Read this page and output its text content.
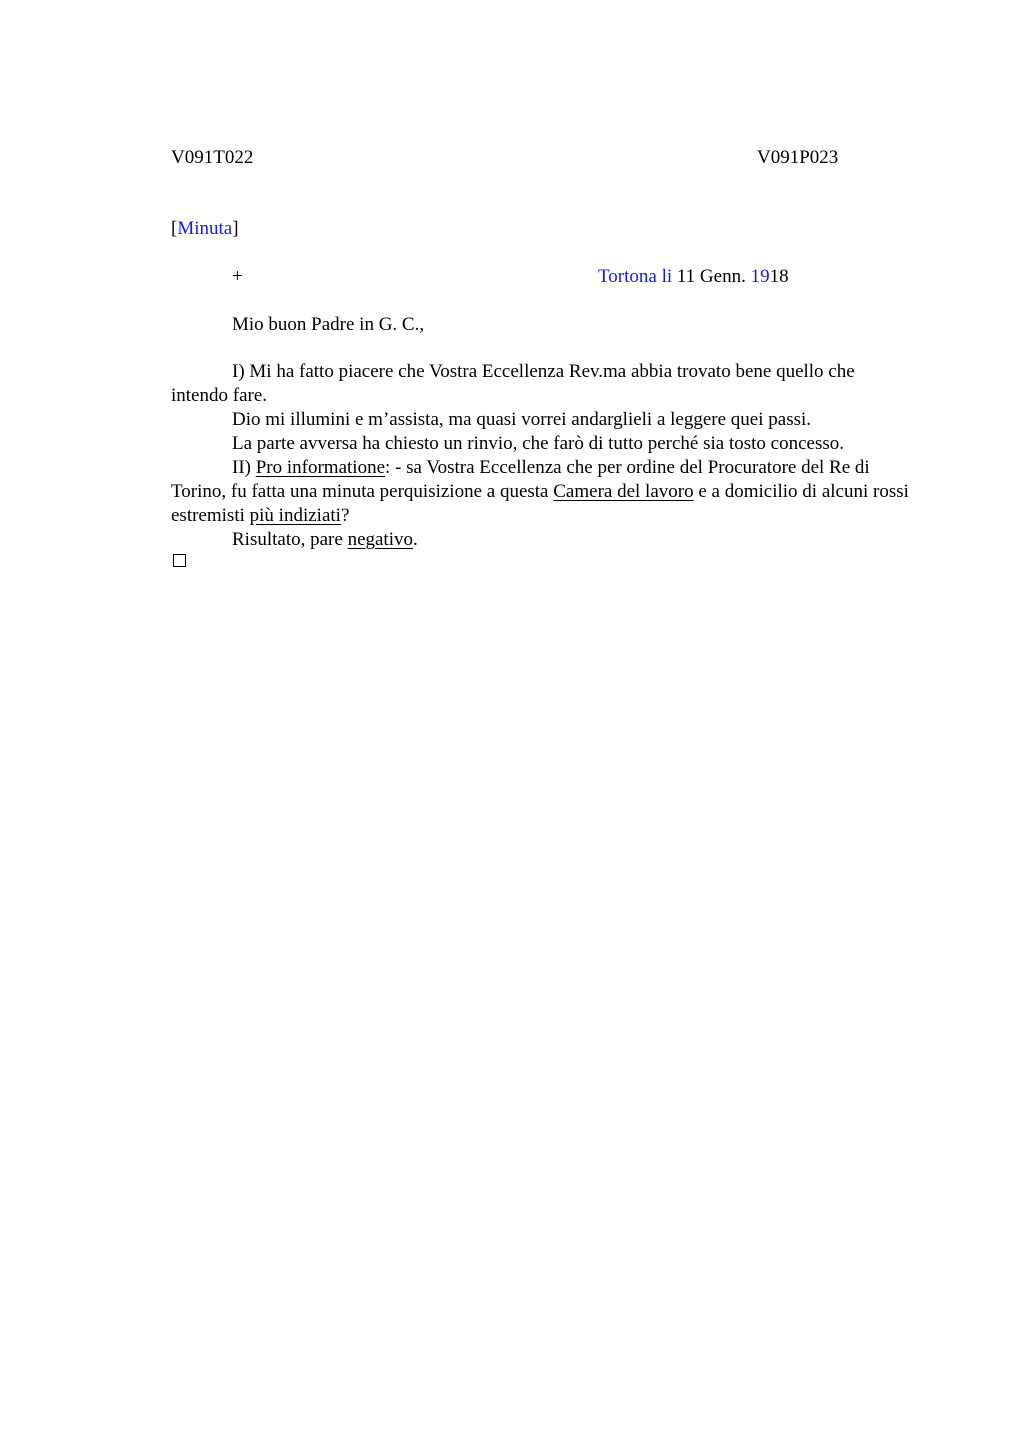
V091T022	V091P023
[Minuta]
+	Tortona li 11 Genn. 1918
Mio buon Padre in G. C.,

I) Mi ha fatto piacere che Vostra Eccellenza Rev.ma abbia trovato bene quello che intendo fare.

Dio mi illumini e m’assista, ma quasi vorrei andarglieli a leggere quei passi.

La parte avversa ha chiesto un rinvio, che farò di tutto perché sia tosto concesso.

II) Pro informatione: - sa Vostra Eccellenza che per ordine del Procuratore del Re di Torino, fu fatta una minuta perquisizione a questa Camera del lavoro e a domicilio di alcuni rossi estremisti più indiziati?

Risultato, pare negativo.
